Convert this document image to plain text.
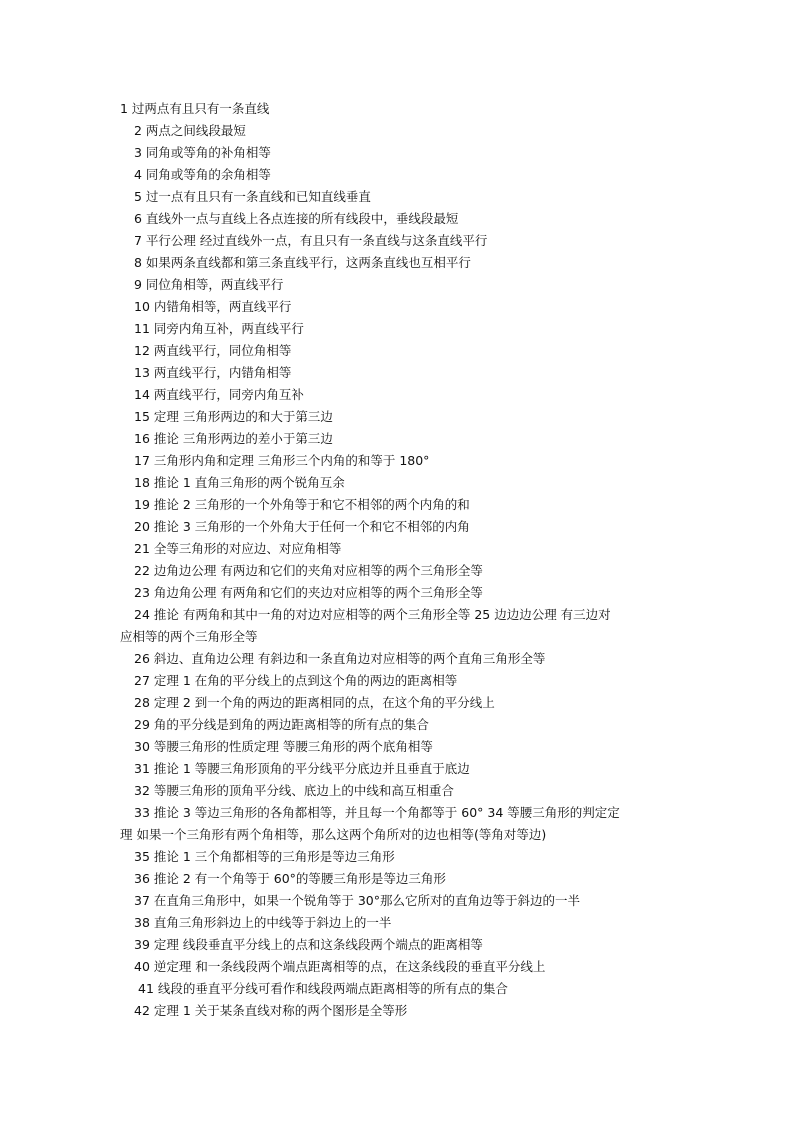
1 过两点有且只有一条直线
2 两点之间线段最短
3 同角或等角的补角相等
4 同角或等角的余角相等
5 过一点有且只有一条直线和已知直线垂直
6 直线外一点与直线上各点连接的所有线段中，垂线段最短
7 平行公理 经过直线外一点，有且只有一条直线与这条直线平行
8 如果两条直线都和第三条直线平行，这两条直线也互相平行
9 同位角相等，两直线平行
10 内错角相等，两直线平行
11 同旁内角互补，两直线平行
12 两直线平行，同位角相等
13 两直线平行，内错角相等
14 两直线平行，同旁内角互补
15 定理 三角形两边的和大于第三边
16 推论 三角形两边的差小于第三边
17 三角形内角和定理 三角形三个内角的和等于 180°
18 推论 1 直角三角形的两个锐角互余
19 推论 2 三角形的一个外角等于和它不相邻的两个内角的和
20 推论 3 三角形的一个外角大于任何一个和它不相邻的内角
21 全等三角形的对应边、对应角相等
22 边角边公理 有两边和它们的夹角对应相等的两个三角形全等
23 角边角公理 有两角和它们的夹边对应相等的两个三角形全等
24 推论 有两角和其中一角的对边对应相等的两个三角形全等 25 边边边公理 有三边对
应相等的两个三角形全等
26 斜边、直角边公理 有斜边和一条直角边对应相等的两个直角三角形全等
27 定理 1 在角的平分线上的点到这个角的两边的距离相等
28 定理 2 到一个角的两边的距离相同的点，在这个角的平分线上
29 角的平分线是到角的两边距离相等的所有点的集合
30 等腰三角形的性质定理 等腰三角形的两个底角相等
31 推论 1 等腰三角形顶角的平分线平分底边并且垂直于底边
32 等腰三角形的顶角平分线、底边上的中线和高互相重合
33 推论 3 等边三角形的各角都相等，并且每一个角都等于 60° 34 等腰三角形的判定定
理 如果一个三角形有两个角相等，那么这两个角所对的边也相等(等角对等边)
35 推论 1 三个角都相等的三角形是等边三角形
36 推论 2 有一个角等于 60°的等腰三角形是等边三角形
37 在直角三角形中，如果一个锐角等于 30°那么它所对的直角边等于斜边的一半
38 直角三角形斜边上的中线等于斜边上的一半
39 定理 线段垂直平分线上的点和这条线段两个端点的距离相等
40 逆定理 和一条线段两个端点距离相等的点，在这条线段的垂直平分线上
41 线段的垂直平分线可看作和线段两端点距离相等的所有点的集合
42 定理 1 关于某条直线对称的两个图形是全等形
